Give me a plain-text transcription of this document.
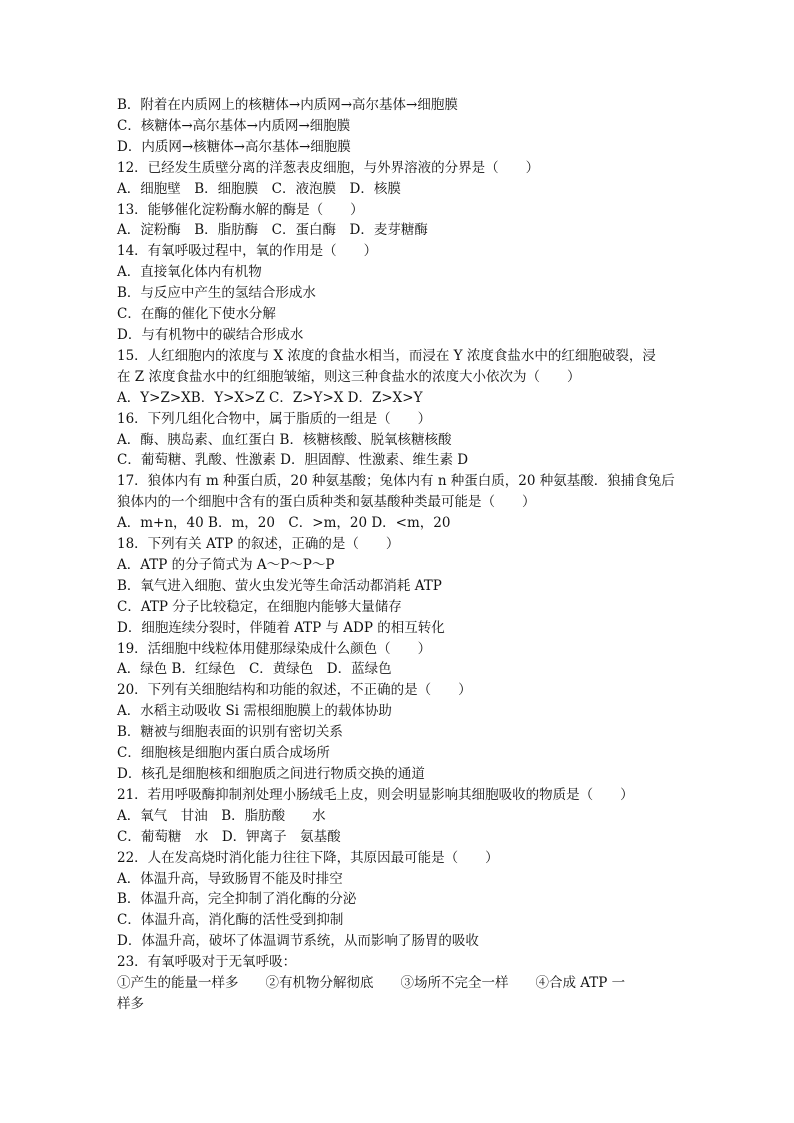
B．附着在内质网上的核糖体→内质网→高尔基体→细胞膜
C．核糖体→高尔基体→内质网→细胞膜
D．内质网→核糖体→高尔基体→细胞膜
12．已经发生质壁分离的洋葱表皮细胞，与外界溶液的分界是（　　）
A．细胞壁　B．细胞膜　C．液泡膜　D．核膜
13．能够催化淀粉酶水解的酶是（　　）
A．淀粉酶　B．脂肪酶　C．蛋白酶　D．麦芽糖酶
14．有氧呼吸过程中，氧的作用是（　　）
A．直接氧化体内有机物
B．与反应中产生的氢结合形成水
C．在酶的催化下使水分解
D．与有机物中的碳结合形成水
15．人红细胞内的浓度与 X 浓度的食盐水相当，而浸在 Y 浓度食盐水中的红细胞破裂，浸
在 Z 浓度食盐水中的红细胞皱缩，则这三种食盐水的浓度大小依次为（　　）
A．Y>Z>XB．Y>X>Z C．Z>Y>X D．Z>X>Y
16．下列几组化合物中，属于脂质的一组是（　　）
A．酶、胰岛素、血红蛋白 B．核糖核酸、脱氧核糖核酸
C．葡萄糖、乳酸、性激素 D．胆固醇、性激素、维生素 D
17．狼体内有 m 种蛋白质，20 种氨基酸；兔体内有 n 种蛋白质，20 种氨基酸．狼捕食兔后
狼体内的一个细胞中含有的蛋白质种类和氨基酸种类最可能是（　　）
A．m+n，40 B．m，20　C．>m，20 D．<m，20
18．下列有关 ATP 的叙述，正确的是（　　）
A．ATP 的分子简式为 A～P～P～P
B．氧气进入细胞、萤火虫发光等生命活动都消耗 ATP
C．ATP 分子比较稳定，在细胞内能够大量储存
D．细胞连续分裂时，伴随着 ATP 与 ADP 的相互转化
19．活细胞中线粒体用健那绿染成什么颜色（　　）
A．绿色 B．红绿色　C．黄绿色　D．蓝绿色
20．下列有关细胞结构和功能的叙述，不正确的是（　　）
A．水稻主动吸收 Si 需根细胞膜上的载体协助
B．糖被与细胞表面的识别有密切关系
C．细胞核是细胞内蛋白质合成场所
D．核孔是细胞核和细胞质之间进行物质交换的通道
21．若用呼吸酶抑制剂处理小肠绒毛上皮，则会明显影响其细胞吸收的物质是（　　）
A．氧气　甘油　B．脂肪酸　　水
C．葡萄糖　水　D．钾离子　氨基酸
22．人在发高烧时消化能力往往下降，其原因最可能是（　　）
A．体温升高，导致肠胃不能及时排空
B．体温升高，完全抑制了消化酶的分泌
C．体温升高，消化酶的活性受到抑制
D．体温升高，破坏了体温调节系统，从而影响了肠胃的吸收
23．有氧呼吸对于无氧呼吸：
①产生的能量一样多　　②有机物分解彻底　　③场所不完全一样　　④合成 ATP 一
样多
